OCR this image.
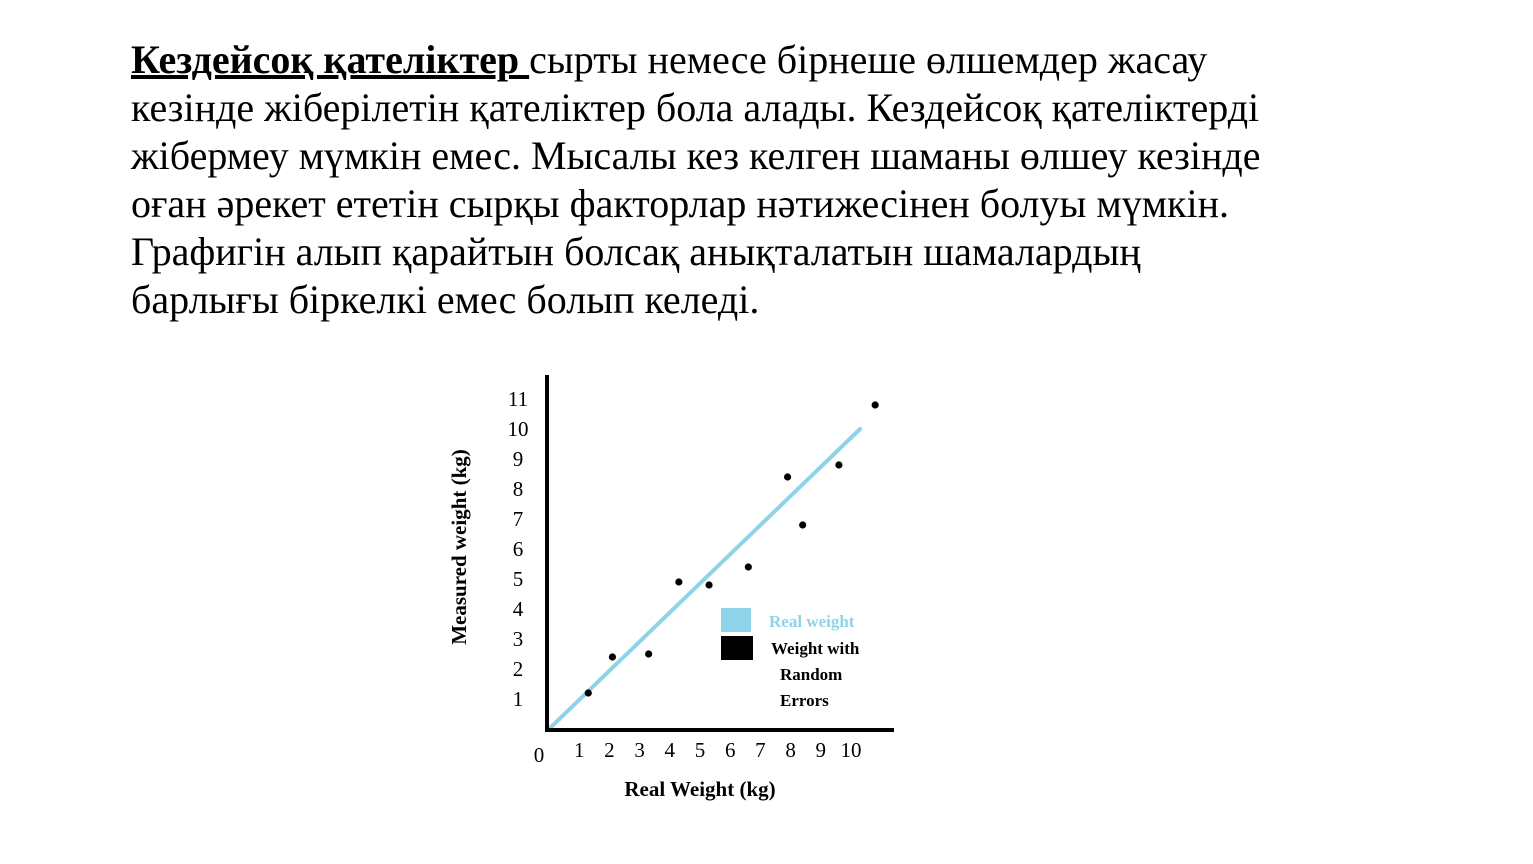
Кездейсоқ қателіктер сырты немесе бірнеше өлшемдер жасау
кезінде жіберілетін қателіктер бола алады. Кездейсоқ қателіктерді
жібермеу мүмкін емес. Мысалы кез келген шаманы өлшеу кезінде
оған әрекет ететін сырқы факторлар нәтижесінен болуы мүмкін.
Графигін алып қарайтын болсақ анықталатын шамалардың
барлығы біркелкі емес болып келеді.

1
2
3
4
5
6
7
8
9
10
11
0 1 2 3 4 5 6 7 8 9 10
Real Weight (kg)
Measured weight (kg)	Real weight
Weight with
Random
Errors
